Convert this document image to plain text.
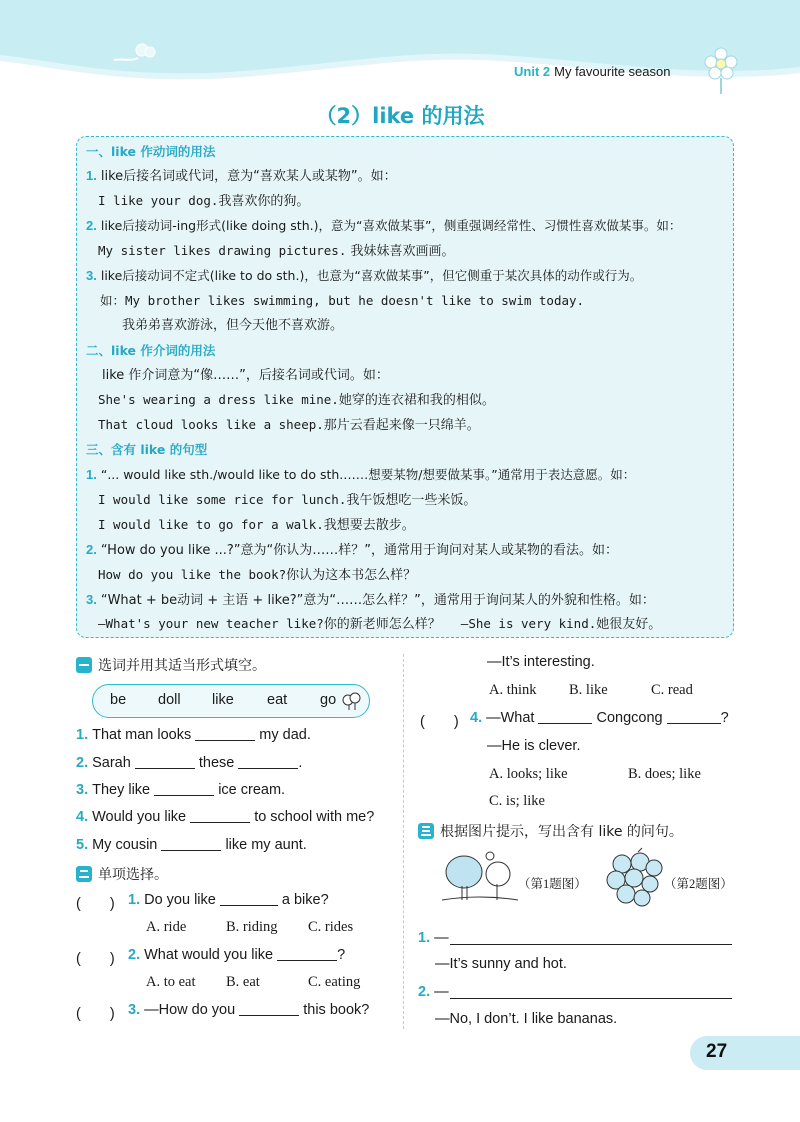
Unit 2 My favourite season
（2）like 的用法
一、like 作动词的用法
1. like后接名词或代词，意为“喜欢某人或某物”。如：
I like your dog.我喜欢你的狗。
2. like后接动词-ing形式(like doing sth.)，意为“喜欢做某事”，侧重强调经常性、习惯性喜欢做某事。如：
My sister likes drawing pictures. 我妹妹喜欢画画。
3. like后接动词不定式(like to do sth.)，也意为“喜欢做某事”，但它侧重于某次具体的动作或行为。
如：My brother likes swimming, but he doesn't like to swim today.
我弟弟喜欢游泳，但今天他不喜欢游。
二、like 作介词的用法
like 作介词意为“像……”，后接名词或代词。如：
She's wearing a dress like mine.她穿的连衣裙和我的相似。
That cloud looks like a sheep.那片云看起来像一只绵羊。
三、含有 like 的句型
1. “... would like sth./would like to do sth.……想要某物/想要做某事。”通常用于表达意愿。如：
I would like some rice for lunch.我午饭想吃一些米饭。
I would like to go for a walk.我想要去散步。
2. “How do you like ...?”意为“你认为……样？”，通常用于询问对某人或某物的看法。如：
How do you like the book?你认为这本书怎么样？
3. “What + be动词 + 主语 + like?”意为“……怎么样？”，通常用于询问某人的外貌和性格。如：
—What's your new teacher like?你的新老师怎么样？ —She is very kind.她很友好。
选词并用其适当形式填空。
be doll like eat go
1. That man looks	my dad.
2. Sarah	these	.
3. They like	ice cream.
4. Would you like	to school with me?
5. My cousin	like my aunt.
单项选择。
(　　) 1. Do you like	a bike?
A. ride	B. riding C. rides
(　　) 2. What would you like	?
A. to eat B. eat	C. eating
(　　) 3. —How do you	this book?
—It’s interesting.
A. think B. like	C. read
(　　) 4. —What	Congcong	?
—He is clever.
A. looks; like	B. does; like
C. is; like
根据图片提示，写出含有 like 的问句。
（第1题图）	（第2题图）
1. —
—It’s sunny and hot.
2. —
—No, I don’t. I like bananas.
27
